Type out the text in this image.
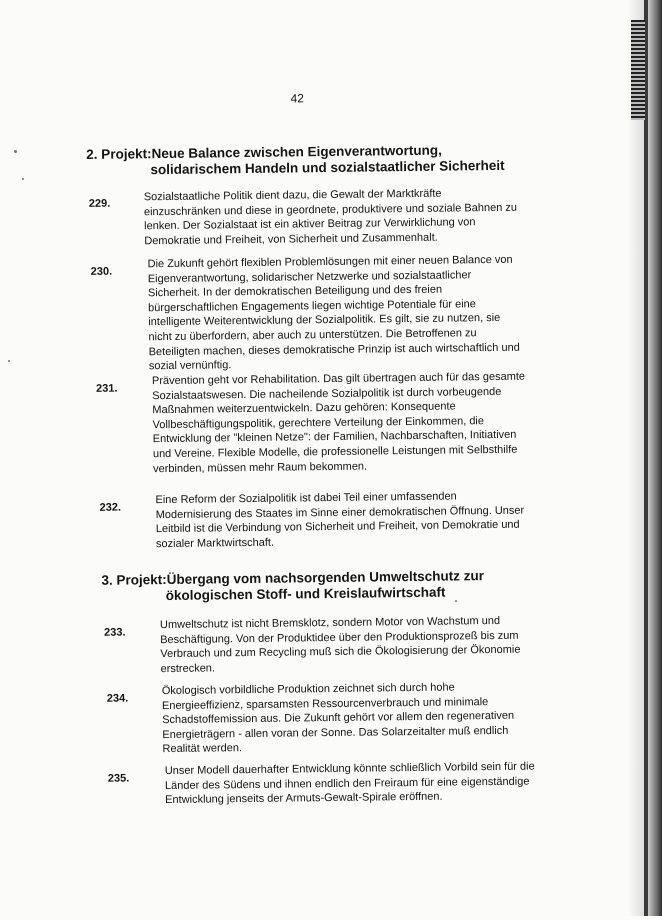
42
2. Projekt:Neue Balance zwischen Eigenverantwortung,
solidarischem Handeln und sozialstaatlicher Sicherheit
229.
Sozialstaatliche Politik dient dazu, die Gewalt der Marktkräfte einzuschränken und diese in geordnete, produktivere und soziale Bahnen zu lenken. Der Sozialstaat ist ein aktiver Beitrag zur Verwirklichung von Demokratie und Freiheit, von Sicherheit und Zusammenhalt.
230.
Die Zukunft gehört flexiblen Problemlösungen mit einer neuen Balance von Eigenverantwortung, solidarischer Netzwerke und sozialstaatlicher Sicherheit. In der demokratischen Beteiligung und des freien bürgerschaftlichen Engagements liegen wichtige Potentiale für eine intelligente Weiterentwicklung der Sozialpolitik. Es gilt, sie zu nutzen, sie nicht zu überfordern, aber auch zu unterstützen. Die Betroffenen zu Beteiligten machen, dieses demokratische Prinzip ist auch wirtschaftlich und sozial vernünftig.
231.
Prävention geht vor Rehabilitation. Das gilt übertragen auch für das gesamte Sozialstaatswesen. Die nacheilende Sozialpolitik ist durch vorbeugende Maßnahmen weiterzuentwickeln. Dazu gehören: Konsequente Vollbeschäftigungspolitik, gerechtere Verteilung der Einkommen, die Entwicklung der "kleinen Netze": der Familien, Nachbarschaften, Initiativen und Vereine. Flexible Modelle, die professionelle Leistungen mit Selbsthilfe verbinden, müssen mehr Raum bekommen.
232.
Eine Reform der Sozialpolitik ist dabei Teil einer umfassenden Modernisierung des Staates im Sinne einer demokratischen Öffnung. Unser Leitbild ist die Verbindung von Sicherheit und Freiheit, von Demokratie und sozialer Marktwirtschaft.
3. Projekt:Übergang vom nachsorgenden Umweltschutz zur
ökologischen Stoff- und Kreislaufwirtschaft
233.
Umweltschutz ist nicht Bremsklotz, sondern Motor von Wachstum und Beschäftigung. Von der Produktidee über den Produktionsprozeß bis zum Verbrauch und zum Recycling muß sich die Ökologisierung der Ökonomie erstrecken.
234.
Ökologisch vorbildliche Produktion zeichnet sich durch hohe Energieeffizienz, sparsamsten Ressourcenverbrauch und minimale Schadstoffemission aus. Die Zukunft gehört vor allem den regenerativen Energieträgern - allen voran der Sonne. Das Solarzeitalter muß endlich Realität werden.
235.
Unser Modell dauerhafter Entwicklung könnte schließlich Vorbild sein für die Länder des Südens und ihnen endlich den Freiraum für eine eigenständige Entwicklung jenseits der Armuts-Gewalt-Spirale eröffnen.
